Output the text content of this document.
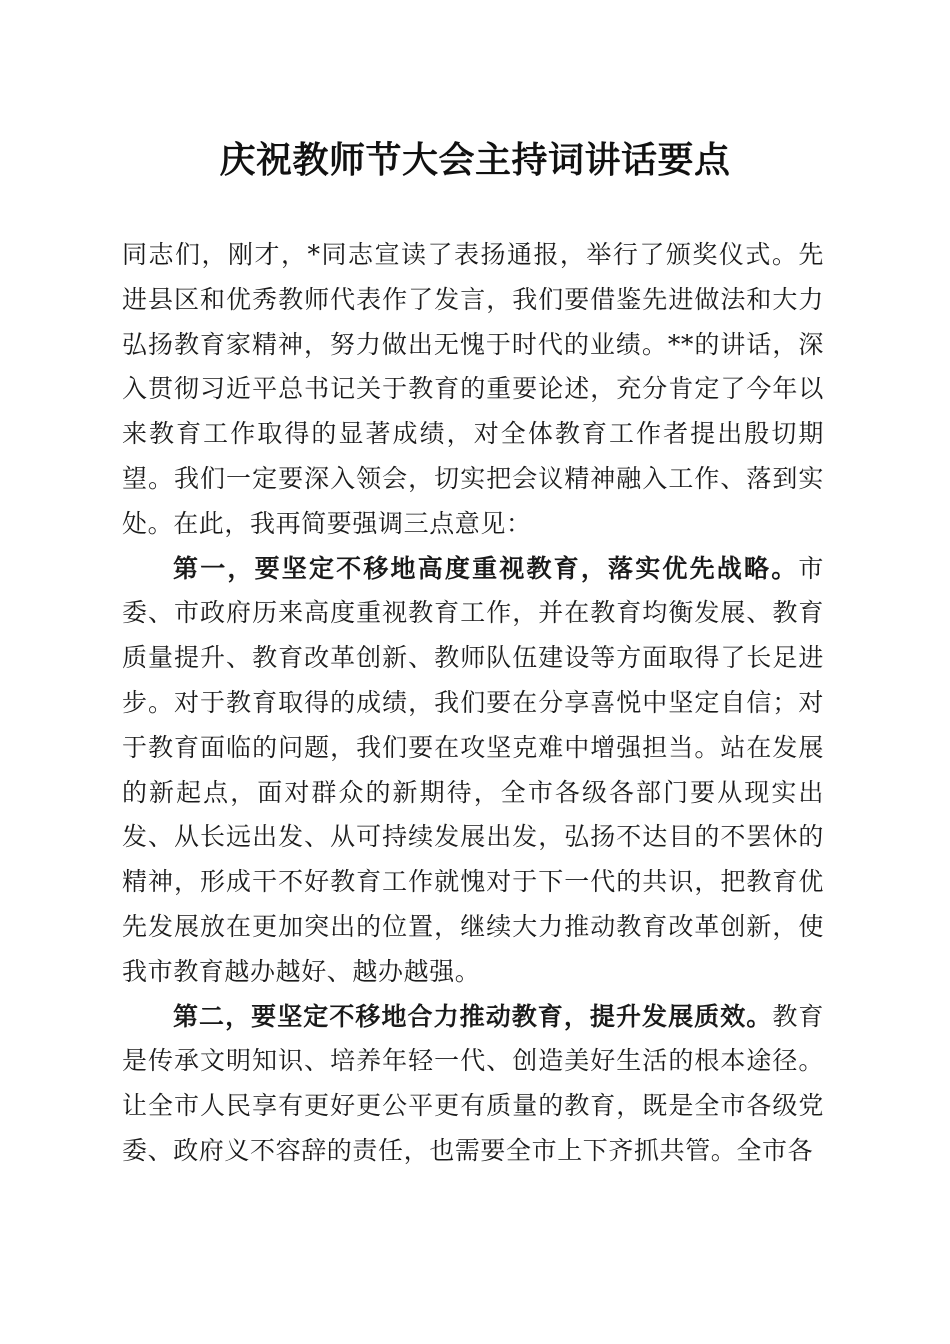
庆祝教师节大会主持词讲话要点

同志们，刚才，*同志宣读了表扬通报，举行了颁奖仪式。先进县区和优秀教师代表作了发言，我们要借鉴先进做法和大力弘扬教育家精神，努力做出无愧于时代的业绩。**的讲话，深入贯彻习近平总书记关于教育的重要论述，充分肯定了今年以来教育工作取得的显著成绩，对全体教育工作者提出殷切期望。我们一定要深入领会，切实把会议精神融入工作、落到实处。在此，我再简要强调三点意见：

第一，要坚定不移地高度重视教育，落实优先战略。市委、市政府历来高度重视教育工作，并在教育均衡发展、教育质量提升、教育改革创新、教师队伍建设等方面取得了长足进步。对于教育取得的成绩，我们要在分享喜悦中坚定自信；对于教育面临的问题，我们要在攻坚克难中增强担当。站在发展的新起点，面对群众的新期待，全市各级各部门要从现实出发、从长远出发、从可持续发展出发，弘扬不达目的不罢休的精神，形成干不好教育工作就愧对于下一代的共识，把教育优先发展放在更加突出的位置，继续大力推动教育改革创新，使我市教育越办越好、越办越强。

第二，要坚定不移地合力推动教育，提升发展质效。教育是传承文明知识、培养年轻一代、创造美好生活的根本途径。让全市人民享有更好更公平更有质量的教育，既是全市各级党委、政府义不容辞的责任，也需要全市上下齐抓共管。全市各
